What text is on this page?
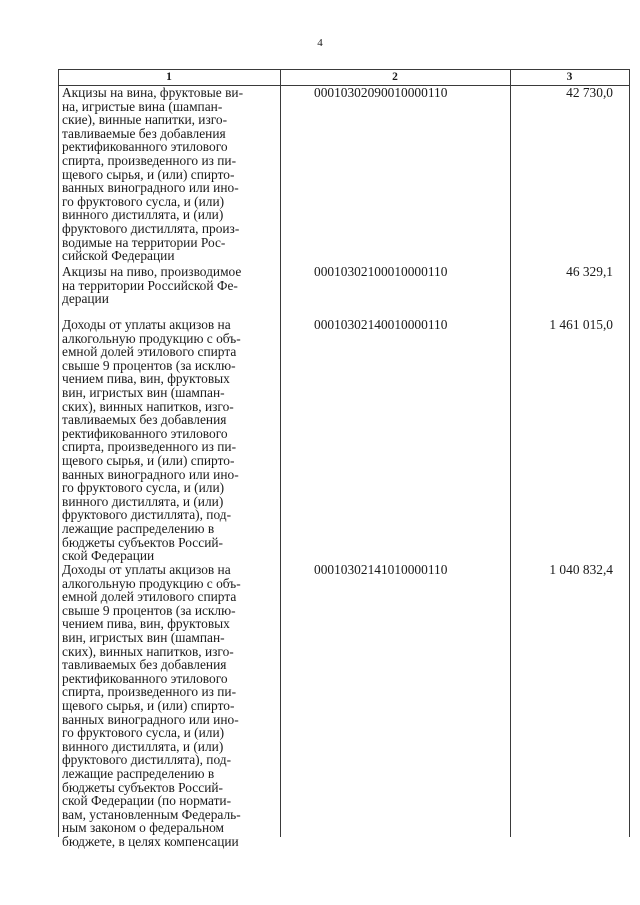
4
1	2	3
Акцизы на вина, фруктовые ви-
на, игристые вина (шампан-
ские), винные напитки, изго-
тавливаемые без добавления
ректификованного этилового
спирта, произведенного из пи-
щевого сырья, и (или) спирто-
ванных виноградного или ино-
го фруктового сусла, и (или)
винного дистиллята, и (или)
фруктового дистиллята, произ-
водимые на территории Рос-
сийской Федерации
00010302090010000110	42 730,0
Акцизы на пиво, производимое
на территории Российской Фе-
дерации
00010302100010000110	46 329,1
Доходы от уплаты акцизов на
алкогольную продукцию с объ-
емной долей этилового спирта
свыше 9 процентов (за исклю-
чением пива, вин, фруктовых
вин, игристых вин (шампан-
ских), винных напитков, изго-
тавливаемых без добавления
ректификованного этилового
спирта, произведенного из пи-
щевого сырья, и (или) спирто-
ванных виноградного или ино-
го фруктового сусла, и (или)
винного дистиллята, и (или)
фруктового дистиллята), под-
лежащие распределению в
бюджеты субъектов Россий-
ской Федерации
00010302140010000110	1 461 015,0
Доходы от уплаты акцизов на
алкогольную продукцию с объ-
емной долей этилового спирта
свыше 9 процентов (за исклю-
чением пива, вин, фруктовых
вин, игристых вин (шампан-
ских), винных напитков, изго-
тавливаемых без добавления
ректификованного этилового
спирта, произведенного из пи-
щевого сырья, и (или) спирто-
ванных виноградного или ино-
го фруктового сусла, и (или)
винного дистиллята, и (или)
фруктового дистиллята), под-
лежащие распределению в
бюджеты субъектов Россий-
ской Федерации (по нормати-
вам, установленным Федераль-
ным законом о федеральном
бюджете, в целях компенсации
00010302141010000110	1 040 832,4
